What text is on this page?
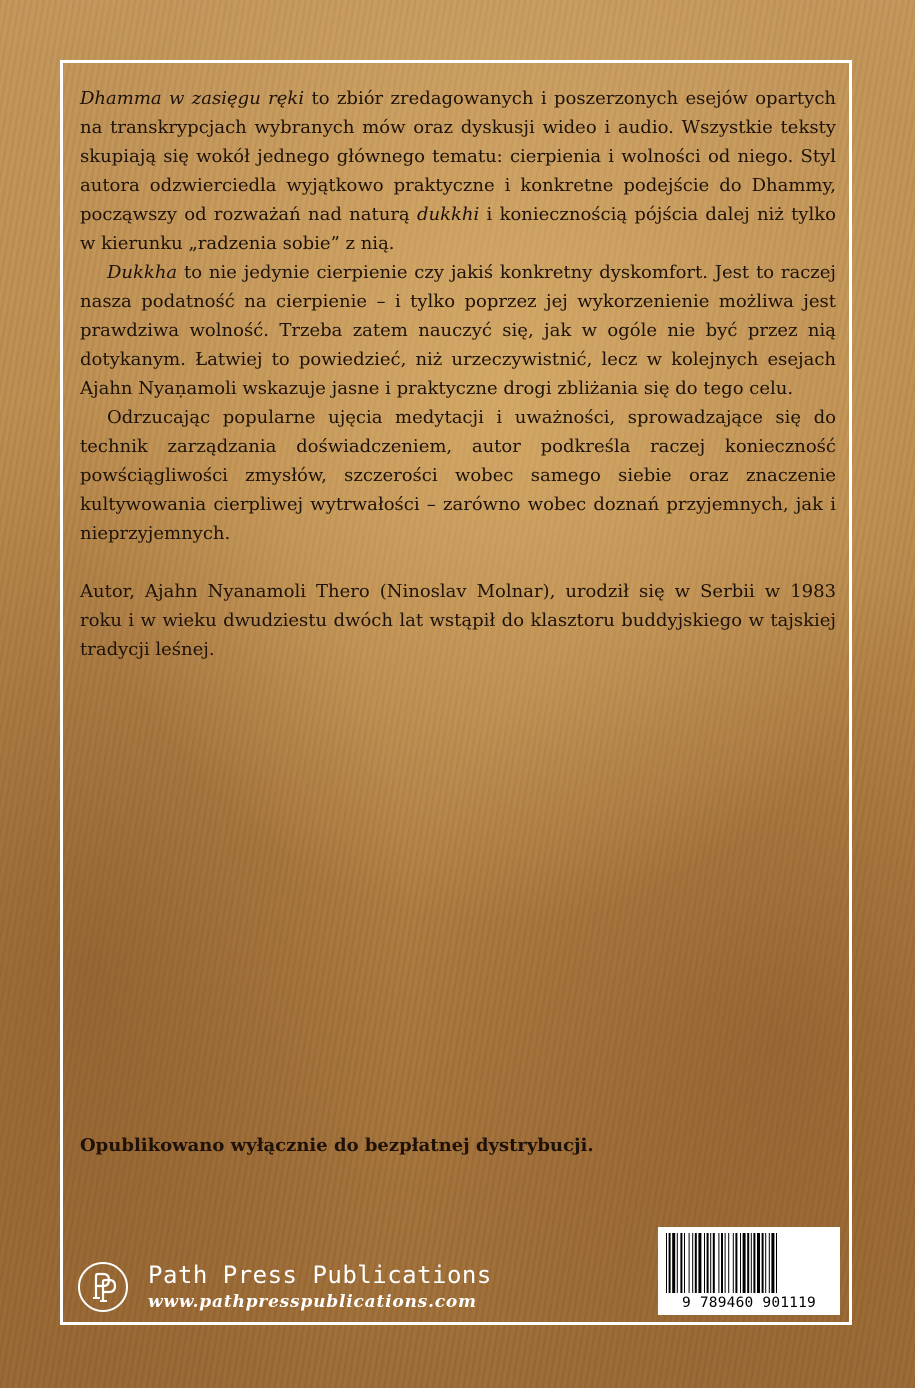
Dhamma w zasięgu ręki to zbiór zredagowanych i poszerzonych esejów opartych na transkrypcjach wybranych mów oraz dyskusji wideo i audio. Wszystkie teksty skupiają się wokół jednego głównego tematu: cierpienia i wolności od niego. Styl autora odzwierciedla wyjątkowo praktyczne i konkretne podejście do Dhammy, począwszy od rozważań nad naturą dukkhi i koniecznością pójścia dalej niż tylko w kierunku „radzenia sobie” z nią.

Dukkha to nie jedynie cierpienie czy jakiś konkretny dyskomfort. Jest to raczej nasza podatność na cierpienie – i tylko poprzez jej wykorzenienie możliwa jest prawdziwa wolność. Trzeba zatem nauczyć się, jak w ogóle nie być przez nią dotykanym. Łatwiej to powiedzieć, niż urzeczywistnić, lecz w kolejnych esejach Ajahn Nyaṇamoli wskazuje jasne i praktyczne drogi zbliżania się do tego celu.

Odrzucając popularne ujęcia medytacji i uważności, sprowadzające się do technik zarządzania doświadczeniem, autor podkreśla raczej konieczność powściągliwości zmysłów, szczerości wobec samego siebie oraz znaczenie kultywowania cierpliwej wytrwałości – zarówno wobec doznań przyjemnych, jak i nieprzyjemnych.

Autor, Ajahn Nyanamoli Thero (Ninoslav Molnar), urodził się w Serbii w 1983 roku i w wieku dwudziestu dwóch lat wstąpił do klasztoru buddyjskiego w tajskiej tradycji leśnej.

Opublikowano wyłącznie do bezpłatnej dystrybucji.
Path Press Publications
www.pathpresspublications.com	9 789460 901119
